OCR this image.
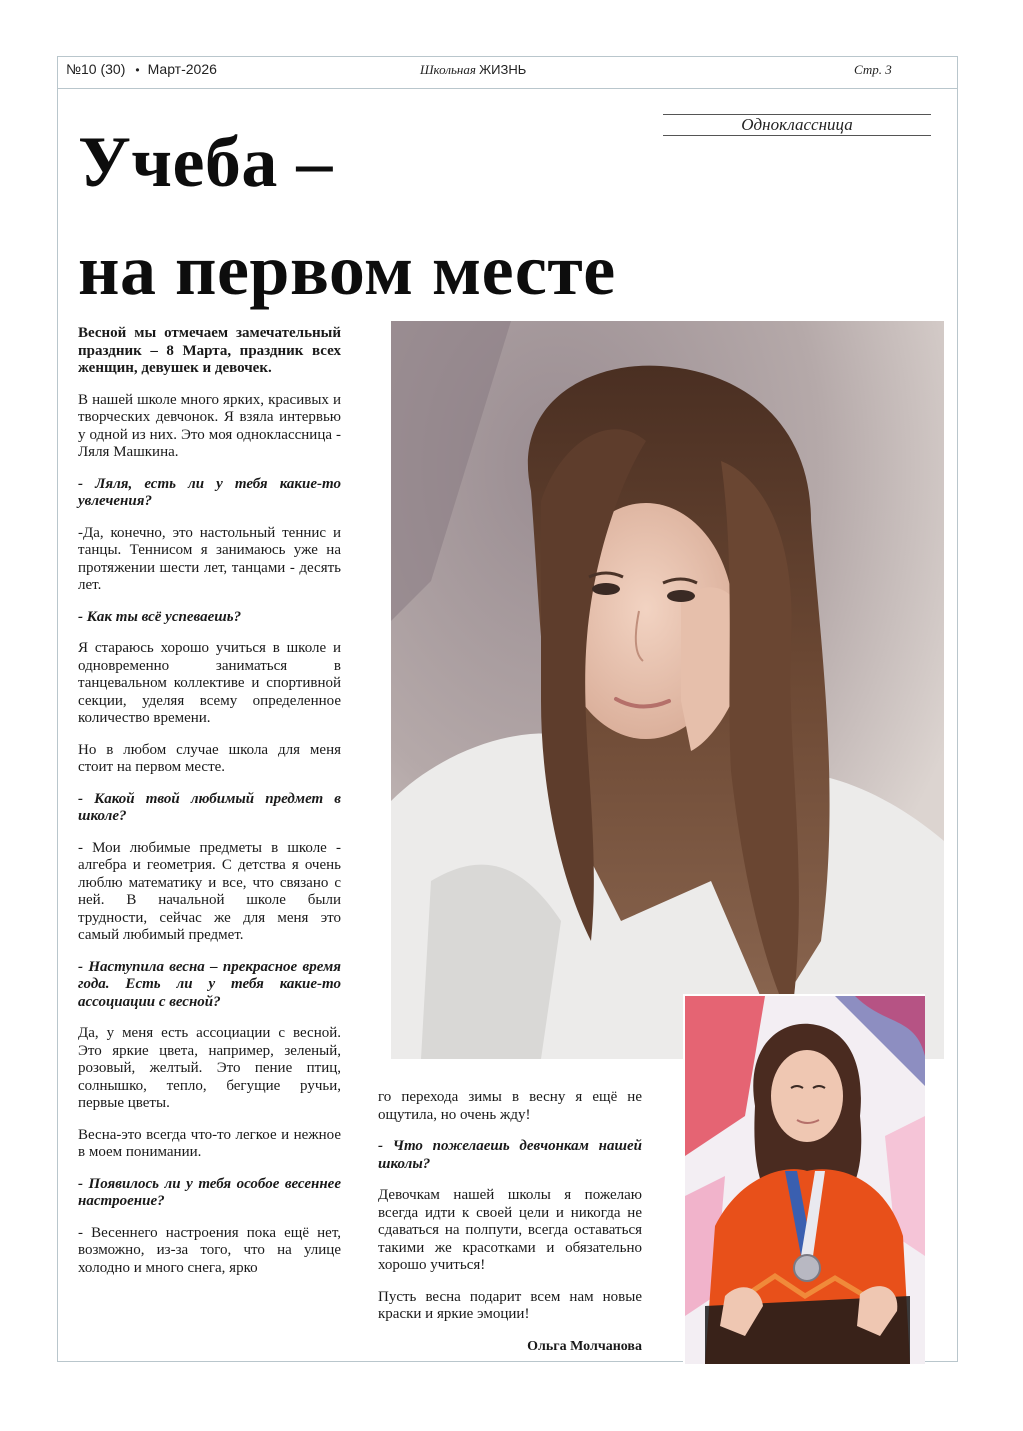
№10 (30) • Март-2026	Школьная ЖИЗНЬ	Стр. 3
Одноклассница
Учеба –
на первом месте

Весной мы отмечаем замечательный праздник – 8 Марта, праздник всех женщин, девушек и девочек.

В нашей школе много ярких, красивых и творческих девчонок. Я взяла интервью у одной из них. Это моя одноклассница - Ляля Машкина.

- Ляля, есть ли у тебя какие-то увлечения?

-Да, конечно, это настольный теннис и танцы. Теннисом я занимаюсь уже на протяжении шести лет, танцами - десять лет.

- Как ты всё успеваешь?

Я стараюсь хорошо учиться в школе и одновременно заниматься в танцевальном коллективе и спортивной секции, уделяя всему определенное количество времени.

Но в любом случае школа для меня стоит на первом месте.

- Какой твой любимый предмет в школе?

- Мои любимые предметы в школе - алгебра и геометрия. С детства я очень люблю математику и все, что связано с ней. В начальной школе были трудности, сейчас же для меня это самый любимый предмет.

- Наступила весна – прекрасное время года. Есть ли у тебя какие-то ассоциации с весной?

Да, у меня есть ассоциации с весной. Это яркие цвета, например, зеленый, розовый, желтый. Это пение птиц, солнышко, тепло, бегущие ручьи, первые цветы.

Весна-это всегда что-то легкое и нежное в моем понимании.

- Появилось ли у тебя особое весеннее настроение?

- Весеннего настроения пока ещё нет, возможно, из-за того, что на улице холодно и много снега, ярко

го перехода зимы в весну я ещё не ощутила, но очень жду!

- Что пожелаешь девчонкам нашей школы?

Девочкам нашей школы я пожелаю всегда идти к своей цели и никогда не сдаваться на полпути, всегда оставаться такими же красотками и обязательно хорошо учиться!

Пусть весна подарит всем нам новые краски и яркие эмоции!

Ольга Молчанова
